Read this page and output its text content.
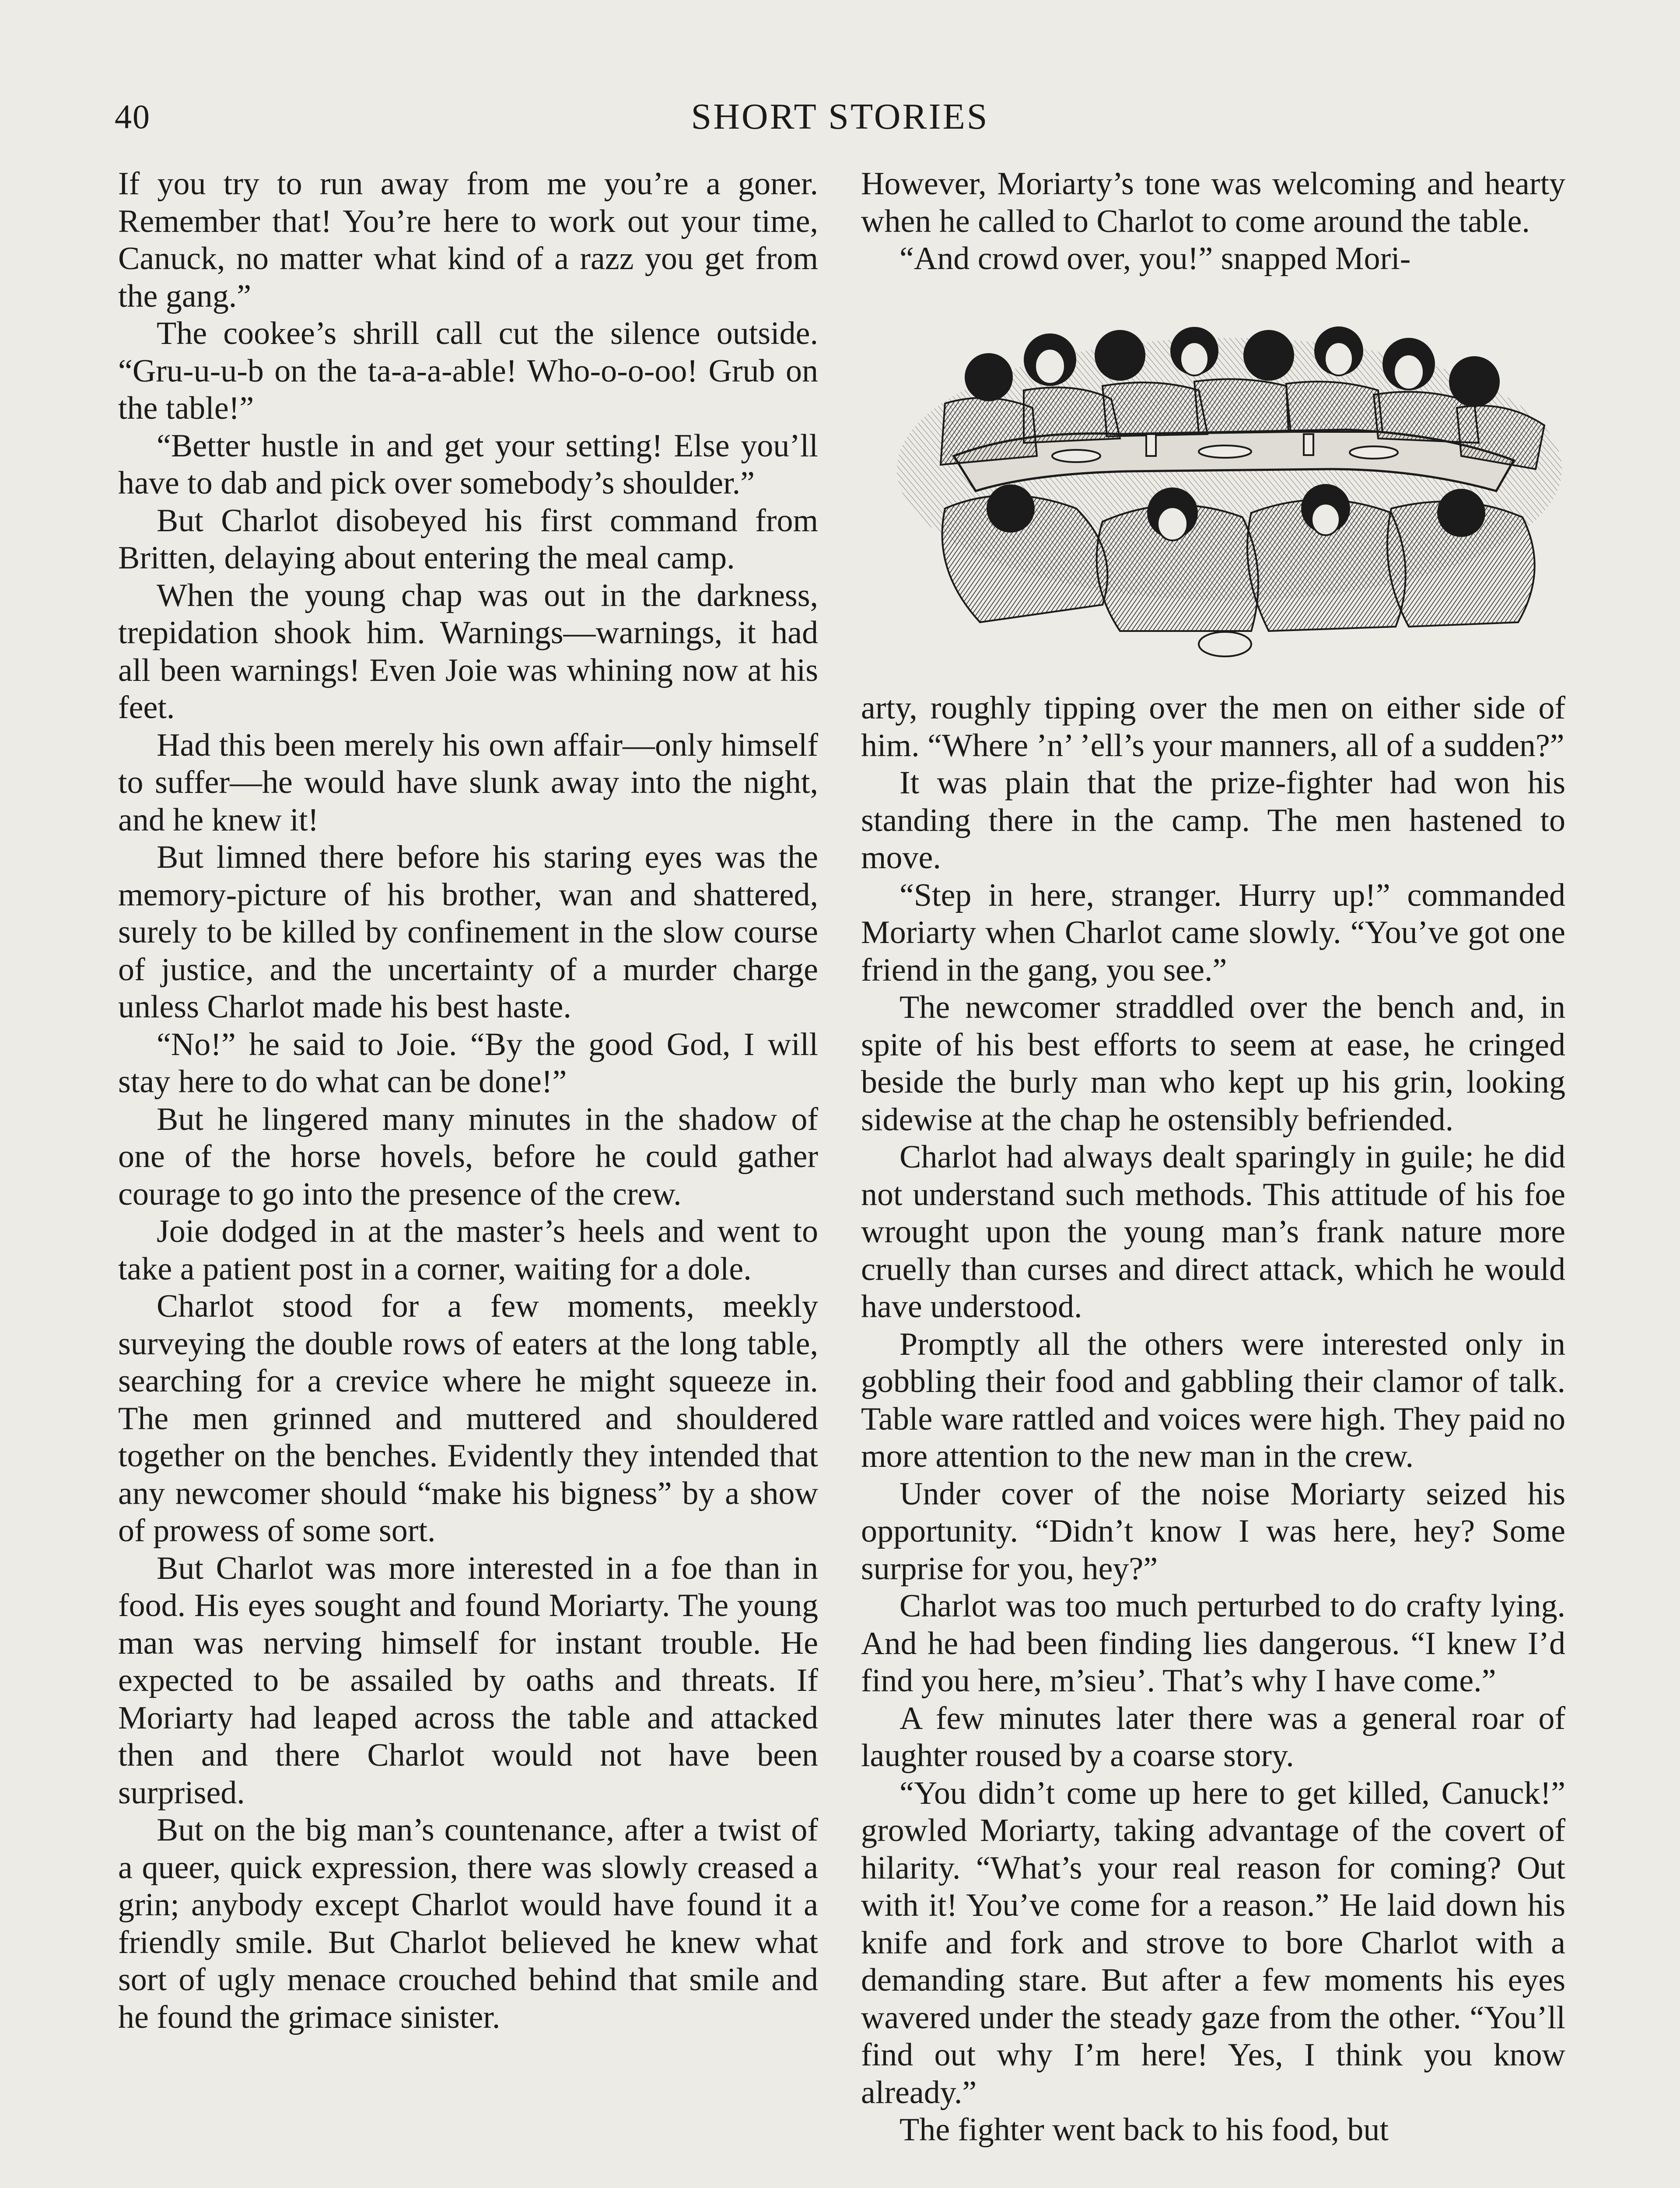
40	SHORT STORIES

If you try to run away from me you’re a goner. Remember that! You’re here to work out your time, Canuck, no matter what kind of a razz you get from the gang.”

The cookee’s shrill call cut the silence outside. “Gru-u-u-b on the ta-a-a-able! Who-o-o-oo! Grub on the table!”

“Better hustle in and get your setting! Else you’ll have to dab and pick over somebody’s shoulder.”

But Charlot disobeyed his first command from Britten, delaying about entering the meal camp.

When the young chap was out in the darkness, trepidation shook him. Warnings—warnings, it had all been warnings! Even Joie was whining now at his feet.

Had this been merely his own affair—only himself to suffer—he would have slunk away into the night, and he knew it!

But limned there before his staring eyes was the memory-picture of his brother, wan and shattered, surely to be killed by confinement in the slow course of justice, and the uncertainty of a murder charge unless Charlot made his best haste.

“No!” he said to Joie. “By the good God, I will stay here to do what can be done!”

But he lingered many minutes in the shadow of one of the horse hovels, before he could gather courage to go into the presence of the crew.

Joie dodged in at the master’s heels and went to take a patient post in a corner, waiting for a dole.

Charlot stood for a few moments, meekly surveying the double rows of eaters at the long table, searching for a crevice where he might squeeze in. The men grinned and muttered and shouldered together on the benches. Evidently they intended that any newcomer should “make his bigness” by a show of prowess of some sort.

But Charlot was more interested in a foe than in food. His eyes sought and found Moriarty. The young man was nerving himself for instant trouble. He expected to be assailed by oaths and threats. If Moriarty had leaped across the table and attacked then and there Charlot would not have been surprised.

But on the big man’s countenance, after a twist of a queer, quick expression, there was slowly creased a grin; anybody except Charlot would have found it a friendly smile. But Charlot believed he knew what sort of ugly menace crouched behind that smile and he found the grimace sinister.

However, Moriarty’s tone was welcoming and hearty when he called to Charlot to come around the table.

“And crowd over, you!” snapped Mori-

arty, roughly tipping over the men on either side of him. “Where ’n’ ’ell’s your manners, all of a sudden?”

It was plain that the prize-fighter had won his standing there in the camp. The men hastened to move.

“Step in here, stranger. Hurry up!” commanded Moriarty when Charlot came slowly. “You’ve got one friend in the gang, you see.”

The newcomer straddled over the bench and, in spite of his best efforts to seem at ease, he cringed beside the burly man who kept up his grin, looking sidewise at the chap he ostensibly befriended.

Charlot had always dealt sparingly in guile; he did not understand such methods. This attitude of his foe wrought upon the young man’s frank nature more cruelly than curses and direct attack, which he would have understood.

Promptly all the others were interested only in gobbling their food and gabbling their clamor of talk. Table ware rattled and voices were high. They paid no more attention to the new man in the crew.

Under cover of the noise Moriarty seized his opportunity. “Didn’t know I was here, hey? Some surprise for you, hey?”

Charlot was too much perturbed to do crafty lying. And he had been finding lies dangerous. “I knew I’d find you here, m’sieu’. That’s why I have come.”

A few minutes later there was a general roar of laughter roused by a coarse story.

“You didn’t come up here to get killed, Canuck!” growled Moriarty, taking advantage of the covert of hilarity. “What’s your real reason for coming? Out with it! You’ve come for a reason.” He laid down his knife and fork and strove to bore Charlot with a demanding stare. But after a few moments his eyes wavered under the steady gaze from the other. “You’ll find out why I’m here! Yes, I think you know already.”

The fighter went back to his food, but
